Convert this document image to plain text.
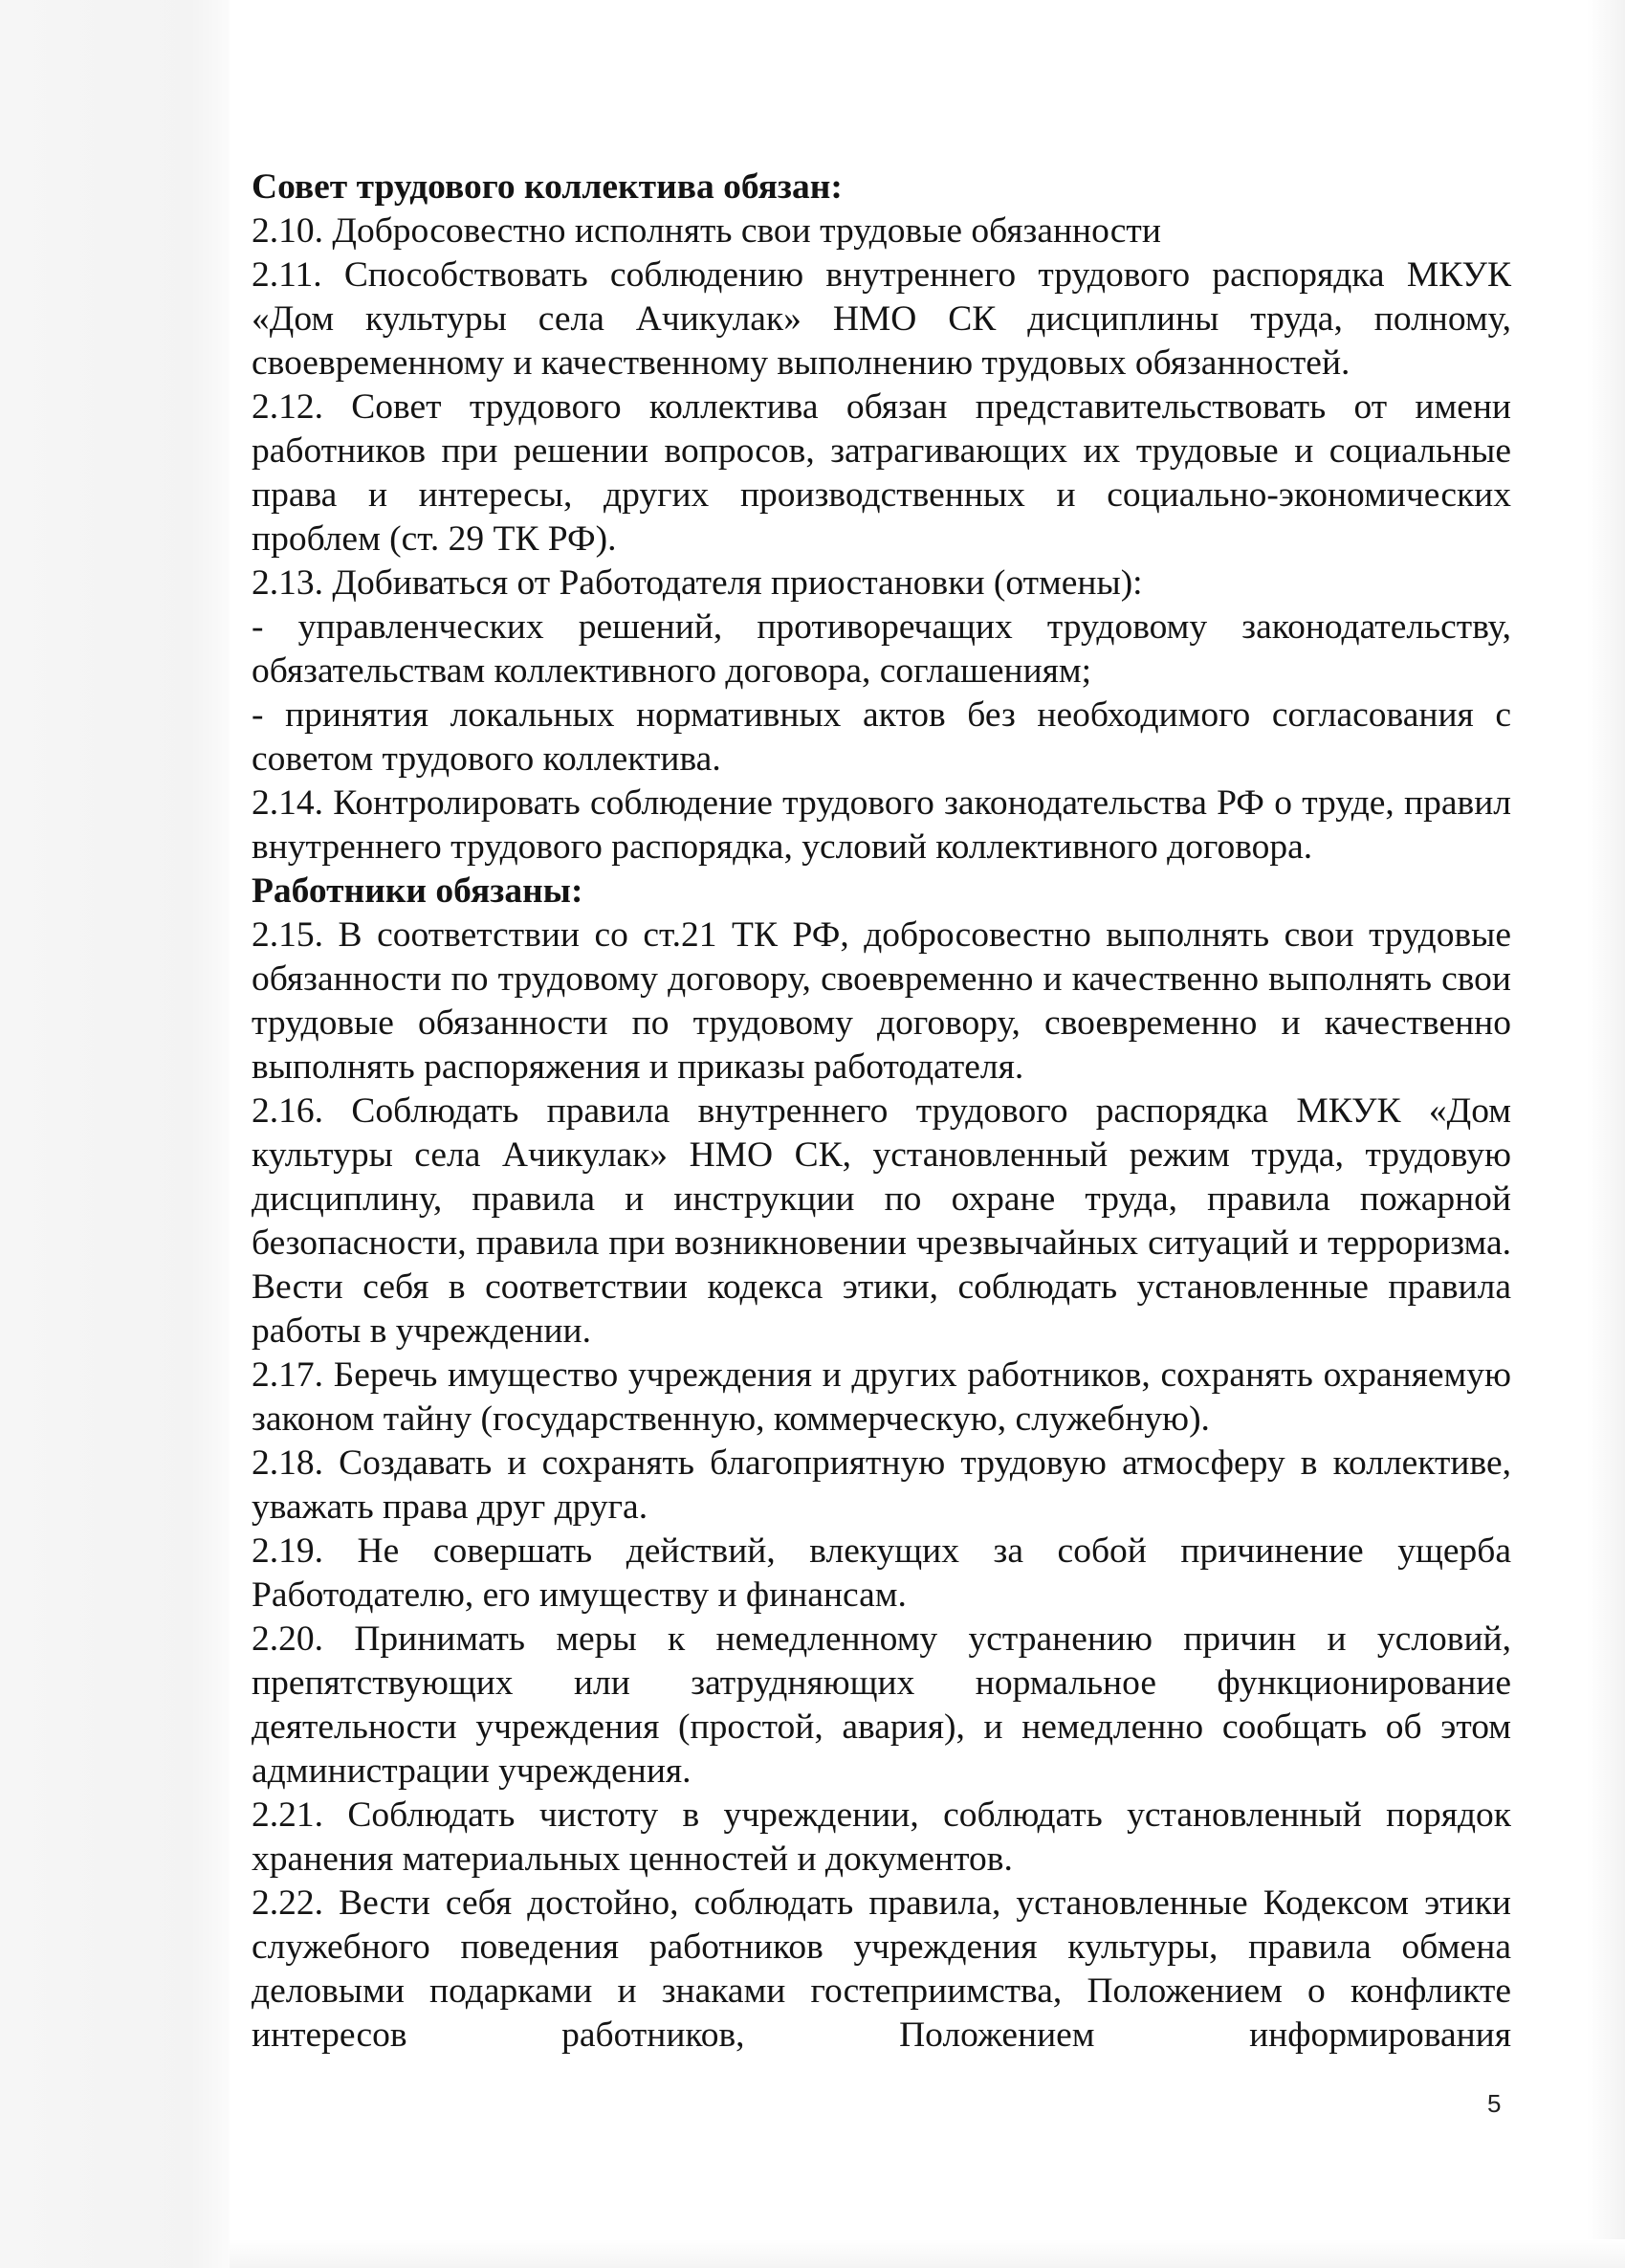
Совет трудового коллектива обязан:

2.10. Добросовестно исполнять свои трудовые обязанности

2.11. Способствовать соблюдению внутреннего трудового распорядка МКУК «Дом культуры села Ачикулак» НМО СК дисциплины труда, полному, своевременному и качественному выполнению трудовых обязанностей.

2.12. Совет трудового коллектива обязан представительствовать от имени работников при решении вопросов, затрагивающих их трудовые и социальные права и интересы, других производственных и социально-экономических проблем (ст. 29 ТК РФ).

2.13. Добиваться от Работодателя приостановки (отмены):

- управленческих решений, противоречащих трудовому законодательству, обязательствам коллективного договора, соглашениям;

- принятия локальных нормативных актов без необходимого согласования с советом трудового коллектива.

2.14. Контролировать соблюдение трудового законодательства РФ о труде, правил внутреннего трудового распорядка, условий коллективного договора.

Работники обязаны:

2.15. В соответствии со ст.21 ТК РФ, добросовестно выполнять свои трудовые обязанности по трудовому договору, своевременно и качественно выполнять свои трудовые обязанности по трудовому договору, своевременно и качественно выполнять распоряжения и приказы работодателя.

2.16. Соблюдать правила внутреннего трудового распорядка МКУК «Дом культуры села Ачикулак» НМО СК, установленный режим труда, трудовую дисциплину, правила и инструкции по охране труда, правила пожарной безопасности, правила при возникновении чрезвычайных ситуаций и терроризма. Вести себя в соответствии кодекса этики, соблюдать установленные правила работы в учреждении.

2.17. Беречь имущество учреждения и других работников, сохранять охраняемую законом тайну (государственную, коммерческую, служебную).

2.18. Создавать и сохранять благоприятную трудовую атмосферу в коллективе, уважать права друг друга.

2.19. Не совершать действий, влекущих за собой причинение ущерба Работодателю, его имуществу и финансам.

2.20. Принимать меры к немедленному устранению причин и условий, препятствующих или затрудняющих нормальное функционирование деятельности учреждения (простой, авария), и немедленно сообщать об этом администрации учреждения.

2.21. Соблюдать чистоту в учреждении, соблюдать установленный порядок хранения материальных ценностей и документов.

2.22. Вести себя достойно, соблюдать правила, установленные Кодексом этики служебного поведения работников учреждения культуры, правила обмена деловыми подарками и знаками гостеприимства, Положением о конфликте интересов работников, Положением информирования

5
